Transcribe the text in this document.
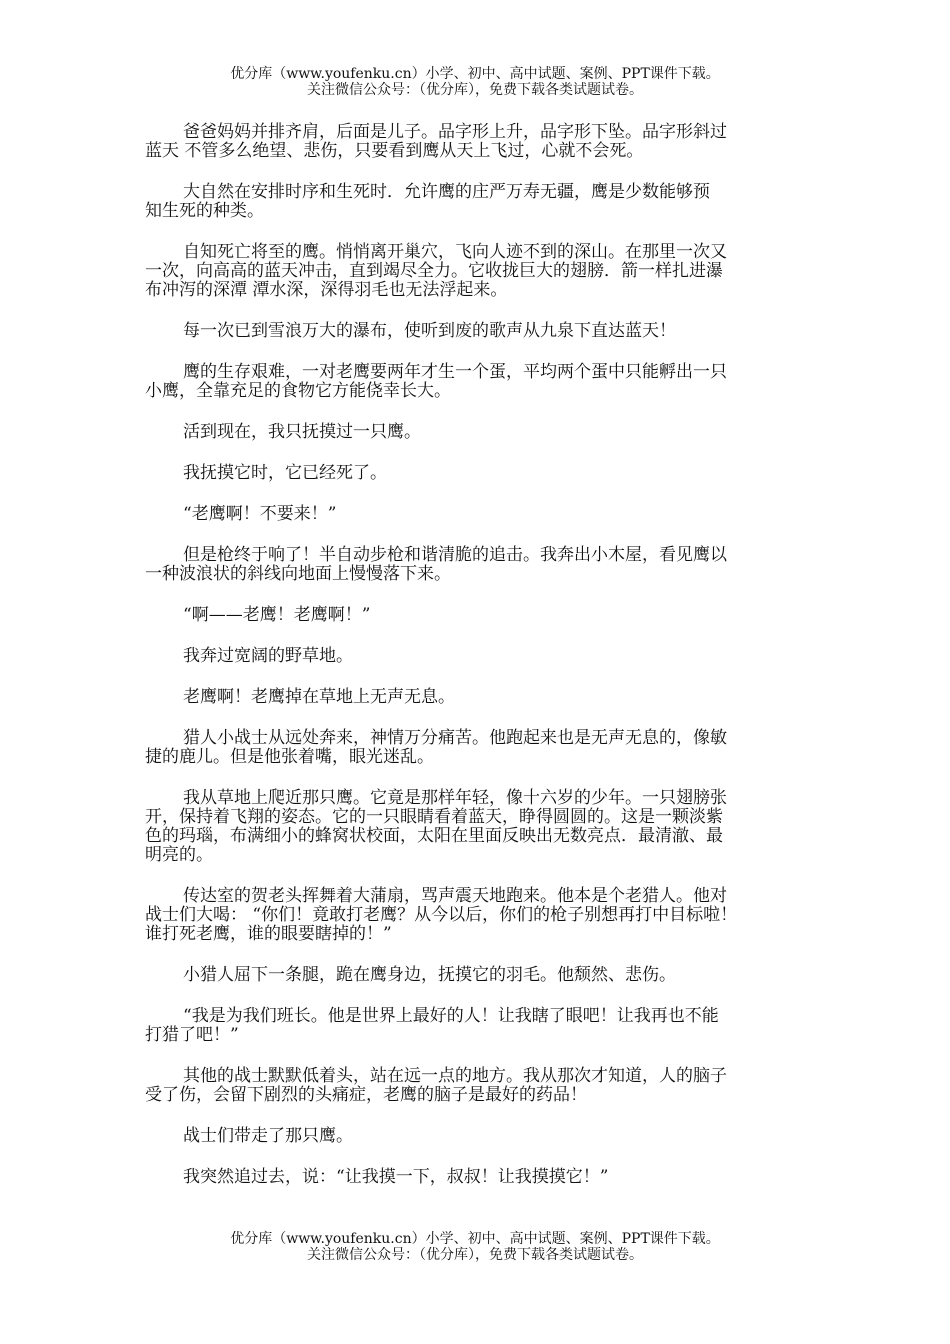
优分库（www.youfenku.cn）小学、初中、高中试题、案例、PPT课件下载。
关注微信公众号：（优分库），免费下载各类试题试卷。

爸爸妈妈并排齐肩，后面是儿子。品字形上升，品字形下坠。品字形斜过
蓝天 不管多么绝望、悲伤，只要看到鹰从天上飞过，心就不会死。

大自然在安排时序和生死时．允许鹰的庄严万寿无疆，鹰是少数能够预
知生死的种类。

自知死亡将至的鹰。悄悄离开巢穴，飞向人迹不到的深山。在那里一次又
一次，向高高的蓝天冲击，直到竭尽全力。它收拢巨大的翅膀．箭一样扎进瀑
布冲泻的深潭 潭水深，深得羽毛也无法浮起来。

每一次已到雪浪万大的瀑布，使听到废的歌声从九泉下直达蓝天！

鹰的生存艰难，一对老鹰要两年才生一个蛋，平均两个蛋中只能孵出一只
小鹰，全靠充足的食物它方能侥幸长大。

活到现在，我只抚摸过一只鹰。

我抚摸它时，它已经死了。

“老鹰啊！不要来！”

但是枪终于响了！半自动步枪和谐清脆的追击。我奔出小木屋，看见鹰以
一种波浪状的斜线向地面上慢慢落下来。

“啊——老鹰！老鹰啊！”

我奔过宽阔的野草地。

老鹰啊！老鹰掉在草地上无声无息。

猎人小战士从远处奔来，神情万分痛苦。他跑起来也是无声无息的，像敏
捷的鹿儿。但是他张着嘴，眼光迷乱。

我从草地上爬近那只鹰。它竟是那样年轻，像十六岁的少年。一只翅膀张
开，保持着飞翔的姿态。它的一只眼睛看着蓝天，睁得圆圆的。这是一颗淡紫
色的玛瑙，布满细小的蜂窝状校面，太阳在里面反映出无数亮点．最清澈、最
明亮的。

传达室的贺老头挥舞着大蒲扇，骂声震天地跑来。他本是个老猎人。他对
战士们大喝： “你们！竟敢打老鹰？从今以后，你们的枪子别想再打中目标啦！
谁打死老鹰，谁的眼要瞎掉的！”

小猎人屈下一条腿，跪在鹰身边，抚摸它的羽毛。他颓然、悲伤。

“我是为我们班长。他是世界上最好的人！让我瞎了眼吧！让我再也不能
打猎了吧！”

其他的战士默默低着头，站在远一点的地方。我从那次才知道，人的脑子
受了伤，会留下剧烈的头痛症，老鹰的脑子是最好的药品！

战士们带走了那只鹰。

我突然追过去，说：“让我摸一下，叔叔！让我摸摸它！”

优分库（www.youfenku.cn）小学、初中、高中试题、案例、PPT课件下载。
关注微信公众号：（优分库），免费下载各类试题试卷。
